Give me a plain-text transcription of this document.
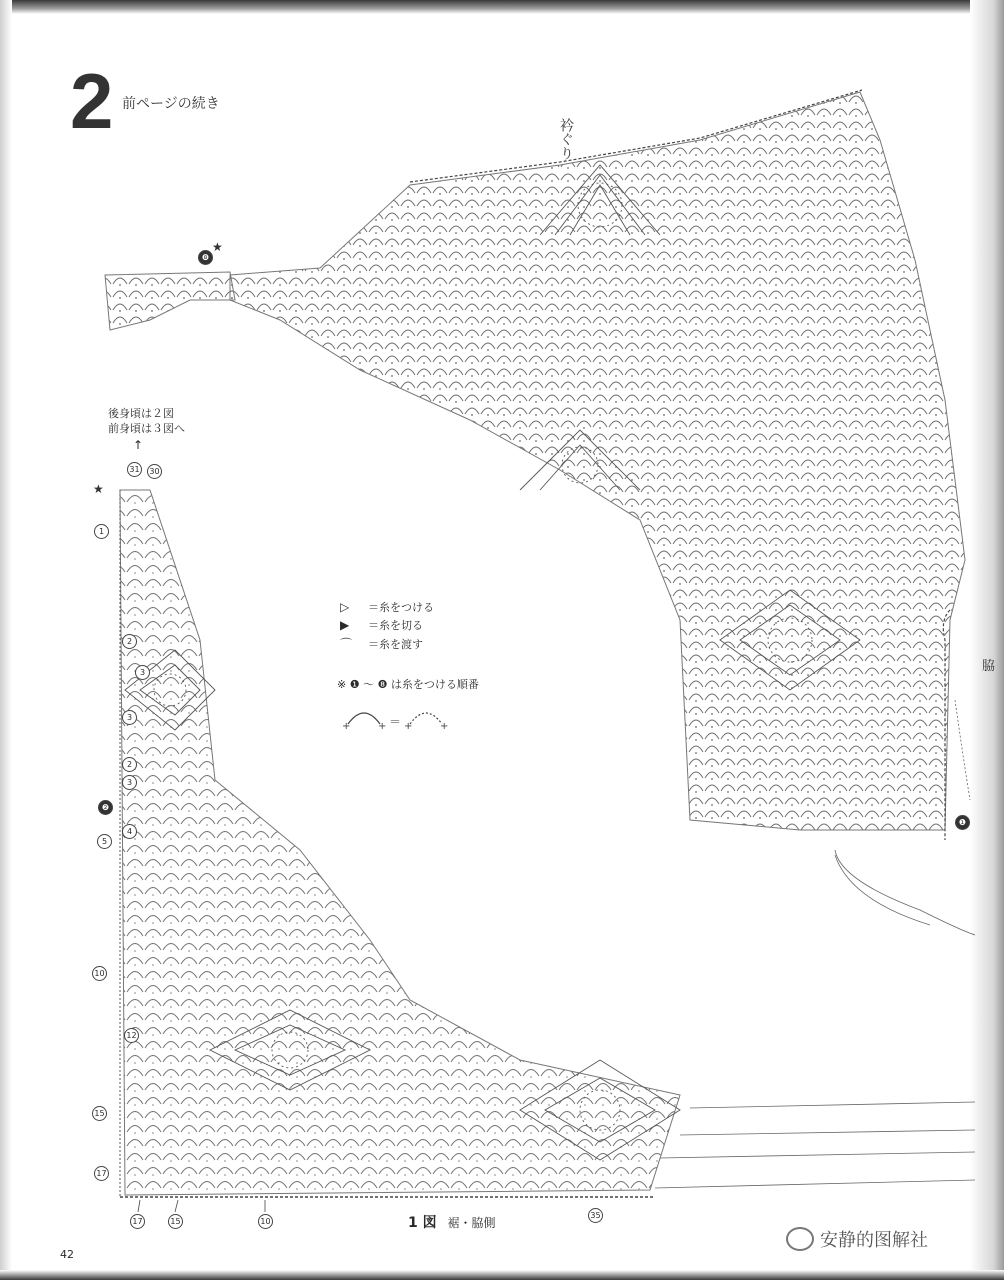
2 前ページの続き
31	30
1
2
3
3
2
3
4
5
10
12
15
17
17	15	10
35
❷
❽
❶
★
★
衿ぐり
脇
後身頃は２図
前身頃は３図へ
↑
▷	＝糸をつける
▶	＝糸を切る
⌒	＝糸を渡す
※ ❶ ～ ❽ は糸をつける順番
+	+ +	+
＝
1 図 裾・脇側
42
安静的图解社
